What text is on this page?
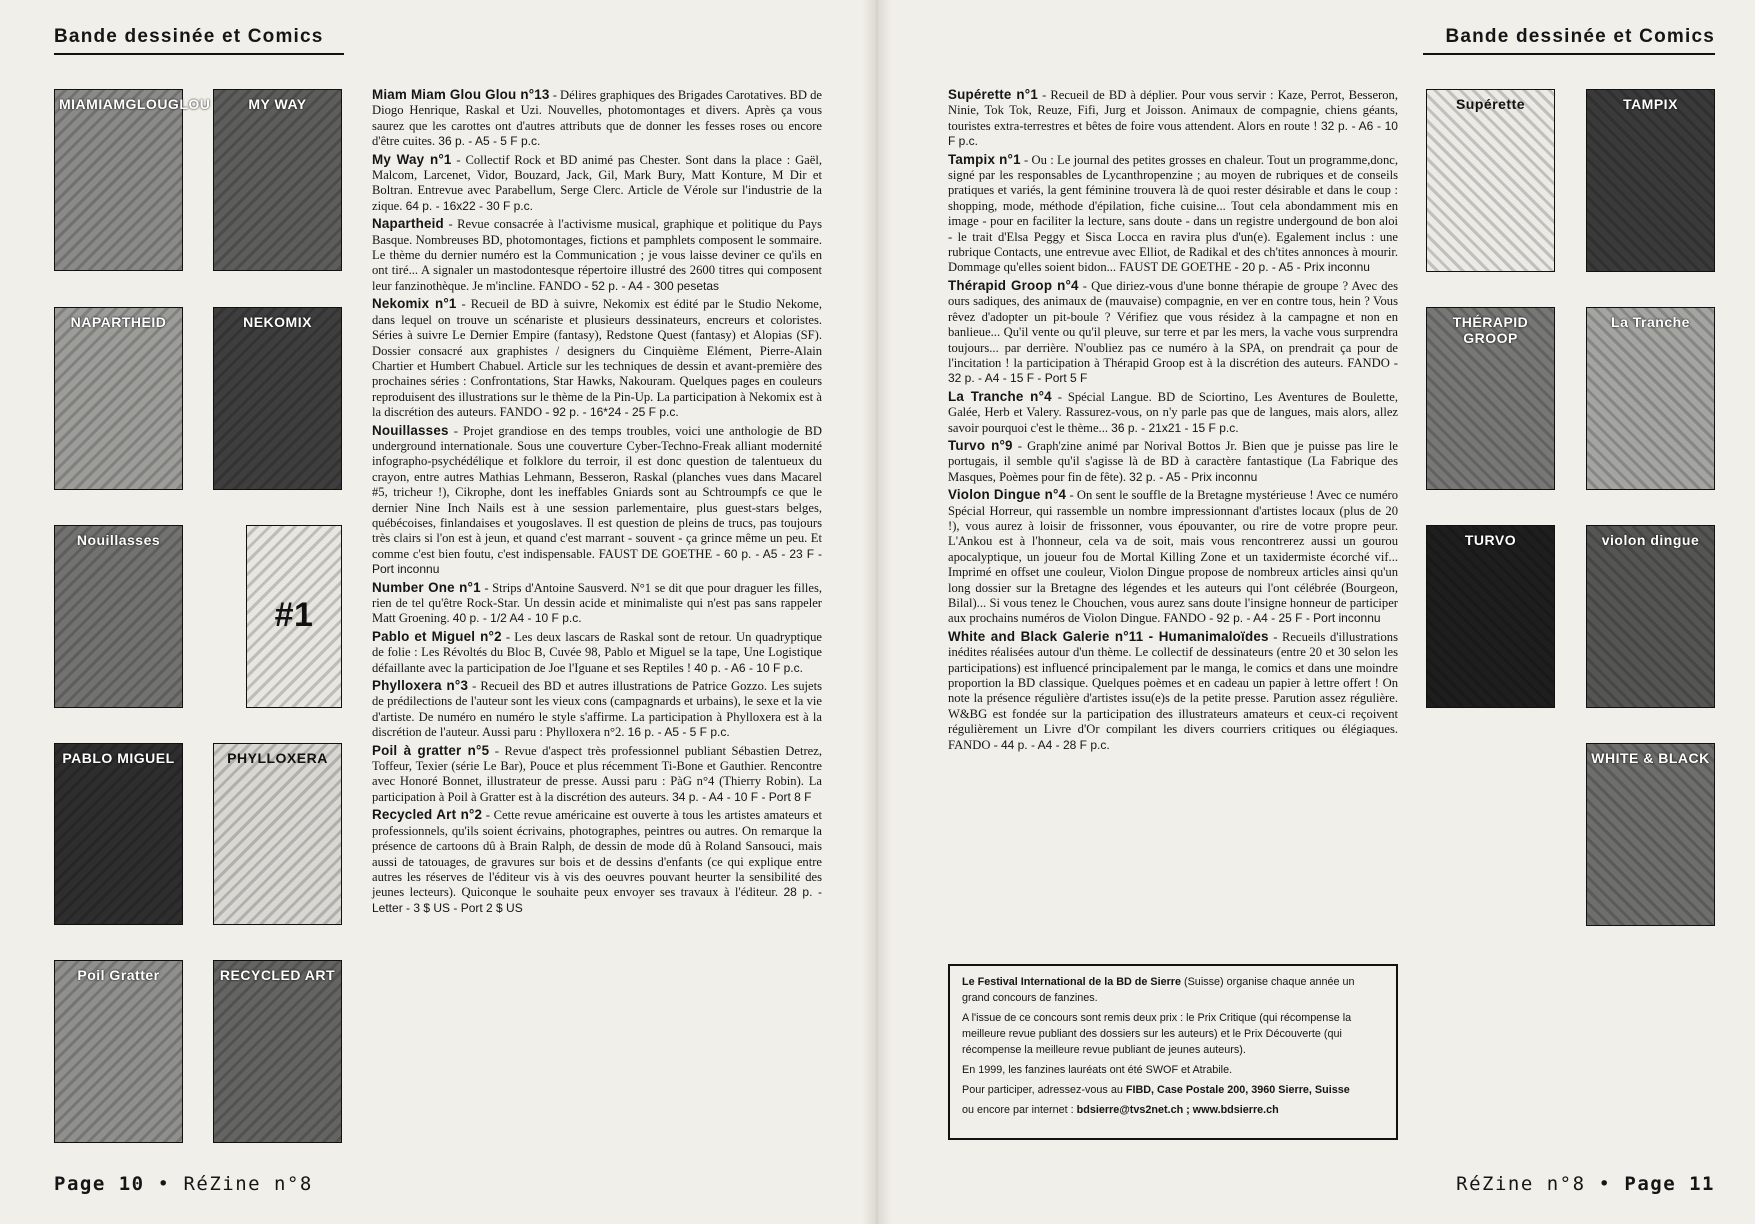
Bande dessinée et Comics	Bande dessinée et Comics
MIAMIAMGLOUGLOU	MY WAY
NAPARTHEID	NEKOMIX
Nouillasses
#1
PABLO MIGUEL	PHYLLOXERA
Poil Gratter	RECYCLED ART
Supérette	TAMPIX
THÉRAPID GROOP
La Tranche
TURVO	violon dingue
WHITE & BLACK

Miam Miam Glou Glou n°13 - Délires graphiques des Brigades Carotatives. BD de Diogo Henrique, Raskal et Uzi. Nouvelles, photomontages et divers. Après ça vous saurez que les carottes ont d'autres attributs que de donner les fesses roses ou encore d'être cuites. 36 p. - A5 - 5 F p.c.

My Way n°1 - Collectif Rock et BD animé pas Chester. Sont dans la place : Gaël, Malcom, Larcenet, Vidor, Bouzard, Jack, Gil, Mark Bury, Matt Konture, M Dir et Boltran. Entrevue avec Parabellum, Serge Clerc. Article de Vérole sur l'industrie de la zique. 64 p. - 16x22 - 30 F p.c.

Napartheid - Revue consacrée à l'activisme musical, graphique et politique du Pays Basque. Nombreuses BD, photomontages, fictions et pamphlets composent le sommaire. Le thème du dernier numéro est la Communication ; je vous laisse deviner ce qu'ils en ont tiré... A signaler un mastodontesque répertoire illustré des 2600 titres qui composent leur fanzinothèque. Je m'incline. FANDO - 52 p. - A4 - 300 pesetas

Nekomix n°1 - Recueil de BD à suivre, Nekomix est édité par le Studio Nekome, dans lequel on trouve un scénariste et plusieurs dessinateurs, encreurs et coloristes. Séries à suivre Le Dernier Empire (fantasy), Redstone Quest (fantasy) et Alopias (SF). Dossier consacré aux graphistes / designers du Cinquième Elément, Pierre-Alain Chartier et Humbert Chabuel. Article sur les techniques de dessin et avant-première des prochaines séries : Confrontations, Star Hawks, Nakouram. Quelques pages en couleurs reproduisent des illustrations sur le thème de la Pin-Up. La participation à Nekomix est à la discrétion des auteurs. FANDO - 92 p. - 16*24 - 25 F p.c.

Nouillasses - Projet grandiose en des temps troubles, voici une anthologie de BD underground internationale. Sous une couverture Cyber-Techno-Freak alliant modernité infographo-psychédélique et folklore du terroir, il est donc question de talentueux du crayon, entre autres Mathias Lehmann, Besseron, Raskal (planches vues dans Macarel #5, tricheur !), Cikrophe, dont les ineffables Gniards sont au Schtroumpfs ce que le dernier Nine Inch Nails est à une session parlementaire, plus guest-stars belges, québécoises, finlandaises et yougoslaves. Il est question de pleins de trucs, pas toujours très clairs si l'on est à jeun, et quand c'est marrant - souvent - ça grince même un peu. Et comme c'est bien foutu, c'est indispensable. FAUST DE GOETHE - 60 p. - A5 - 23 F - Port inconnu

Number One n°1 - Strips d'Antoine Sausverd. N°1 se dit que pour draguer les filles, rien de tel qu'être Rock-Star. Un dessin acide et minimaliste qui n'est pas sans rappeler Matt Groening. 40 p. - 1/2 A4 - 10 F p.c.

Pablo et Miguel n°2 - Les deux lascars de Raskal sont de retour. Un quadryptique de folie : Les Révoltés du Bloc B, Cuvée 98, Pablo et Miguel se la tape, Une Logistique défaillante avec la participation de Joe l'Iguane et ses Reptiles ! 40 p. - A6 - 10 F p.c.

Phylloxera n°3 - Recueil des BD et autres illustrations de Patrice Gozzo. Les sujets de prédilections de l'auteur sont les vieux cons (campagnards et urbains), le sexe et la vie d'artiste. De numéro en numéro le style s'affirme. La participation à Phylloxera est à la discrétion de l'auteur. Aussi paru : Phylloxera n°2. 16 p. - A5 - 5 F p.c.

Poil à gratter n°5 - Revue d'aspect très professionnel publiant Sébastien Detrez, Toffeur, Texier (série Le Bar), Pouce et plus récemment Ti-Bone et Gauthier. Rencontre avec Honoré Bonnet, illustrateur de presse. Aussi paru : PàG n°4 (Thierry Robin). La participation à Poil à Gratter est à la discrétion des auteurs. 34 p. - A4 - 10 F - Port 8 F

Recycled Art n°2 - Cette revue américaine est ouverte à tous les artistes amateurs et professionnels, qu'ils soient écrivains, photographes, peintres ou autres. On remarque la présence de cartoons dû à Brain Ralph, de dessin de mode dû à Roland Sansouci, mais aussi de tatouages, de gravures sur bois et de dessins d'enfants (ce qui explique entre autres les réserves de l'éditeur vis à vis des oeuvres pouvant heurter la sensibilité des jeunes lecteurs). Quiconque le souhaite peux envoyer ses travaux à l'éditeur. 28 p. - Letter - 3 $ US - Port 2 $ US

Supérette n°1 - Recueil de BD à déplier. Pour vous servir : Kaze, Perrot, Besseron, Ninie, Tok Tok, Reuze, Fifi, Jurg et Joisson. Animaux de compagnie, chiens géants, touristes extra-terrestres et bêtes de foire vous attendent. Alors en route ! 32 p. - A6 - 10 F p.c.

Tampix n°1 - Ou : Le journal des petites grosses en chaleur. Tout un programme,donc, signé par les responsables de Lycanthropenzine ; au moyen de rubriques et de conseils pratiques et variés, la gent féminine trouvera là de quoi rester désirable et dans le coup : shopping, mode, méthode d'épilation, fiche cuisine... Tout cela abondamment mis en image - pour en faciliter la lecture, sans doute - dans un registre undergound de bon aloi - le trait d'Elsa Peggy et Sisca Locca en ravira plus d'un(e). Egalement inclus : une rubrique Contacts, une entrevue avec Elliot, de Radikal et des ch'tites annonces à mourir. Dommage qu'elles soient bidon... FAUST DE GOETHE - 20 p. - A5 - Prix inconnu

Thérapid Groop n°4 - Que diriez-vous d'une bonne thérapie de groupe ? Avec des ours sadiques, des animaux de (mauvaise) compagnie, en ver en contre tous, hein ? Vous rêvez d'adopter un pit-boule ? Vérifiez que vous résidez à la campagne et non en banlieue... Qu'il vente ou qu'il pleuve, sur terre et par les mers, la vache vous surprendra toujours... par derrière. N'oubliez pas ce numéro à la SPA, on prendrait ça pour de l'incitation ! la participation à Thérapid Groop est à la discrétion des auteurs. FANDO - 32 p. - A4 - 15 F - Port 5 F

La Tranche n°4 - Spécial Langue. BD de Sciortino, Les Aventures de Boulette, Galée, Herb et Valery. Rassurez-vous, on n'y parle pas que de langues, mais alors, allez savoir pourquoi c'est le thème... 36 p. - 21x21 - 15 F p.c.

Turvo n°9 - Graph'zine animé par Norival Bottos Jr. Bien que je puisse pas lire le portugais, il semble qu'il s'agisse là de BD à caractère fantastique (La Fabrique des Masques, Poèmes pour fin de fête). 32 p. - A5 - Prix inconnu

Violon Dingue n°4 - On sent le souffle de la Bretagne mystérieuse ! Avec ce numéro Spécial Horreur, qui rassemble un nombre impressionnant d'artistes locaux (plus de 20 !), vous aurez à loisir de frissonner, vous épouvanter, ou rire de votre propre peur. L'Ankou est à l'honneur, cela va de soit, mais vous rencontrerez aussi un gourou apocalyptique, un joueur fou de Mortal Killing Zone et un taxidermiste écorché vif... Imprimé en offset une couleur, Violon Dingue propose de nombreux articles ainsi qu'un long dossier sur la Bretagne des légendes et les auteurs qui l'ont célébrée (Bourgeon, Bilal)... Si vous tenez le Chouchen, vous aurez sans doute l'insigne honneur de participer aux prochains numéros de Violon Dingue. FANDO - 92 p. - A4 - 25 F - Port inconnu

White and Black Galerie n°11 - Humanimaloïdes - Recueils d'illustrations inédites réalisées autour d'un thème. Le collectif de dessinateurs (entre 20 et 30 selon les participations) est influencé principalement par le manga, le comics et dans une moindre proportion la BD classique. Quelques poèmes et en cadeau un papier à lettre offert ! On note la présence régulière d'artistes issu(e)s de la petite presse. Parution assez régulière. W&BG est fondée sur la participation des illustrateurs amateurs et ceux-ci reçoivent régulièrement un Livre d'Or compilant les divers courriers critiques ou élégiaques. FANDO - 44 p. - A4 - 28 F p.c.

Le Festival International de la BD de Sierre (Suisse) organise chaque année un grand concours de fanzines.

A l'issue de ce concours sont remis deux prix : le Prix Critique (qui récompense la meilleure revue publiant des dossiers sur les auteurs) et le Prix Découverte (qui récompense la meilleure revue publiant de jeunes auteurs).

En 1999, les fanzines lauréats ont été SWOF et Atrabile.

Pour participer, adressez-vous au FIBD, Case Postale 200, 3960 Sierre, Suisse

ou encore par internet : bdsierre@tvs2net.ch ; www.bdsierre.ch

Page 10 • RéZine n°8	RéZine n°8 • Page 11
